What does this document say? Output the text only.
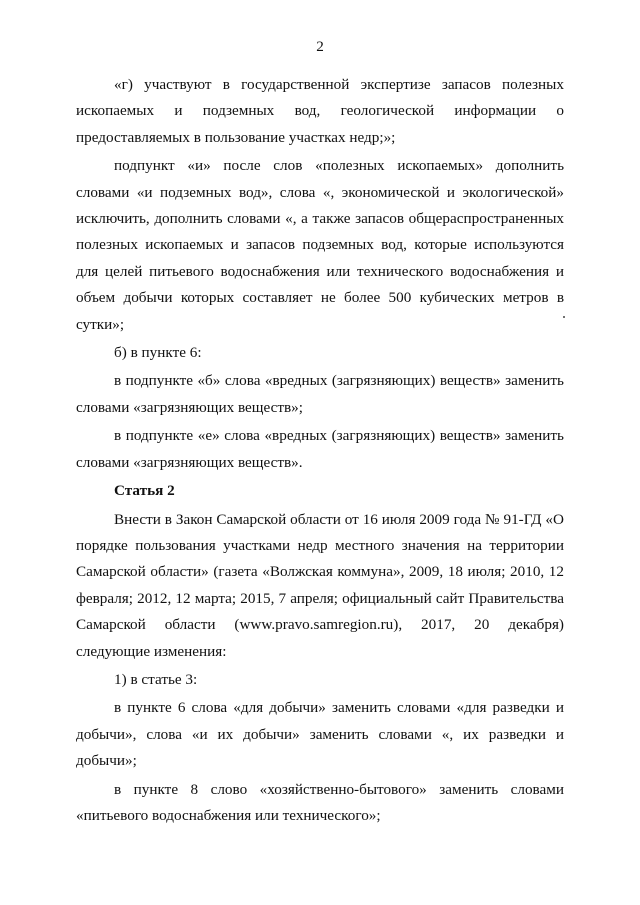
2

«г) участвуют в государственной экспертизе запасов полезных ископаемых и подземных вод, геологической информации о предоставляемых в пользование участках недр;»;

подпункт «и» после слов «полезных ископаемых» дополнить словами «и подземных вод», слова «, экономической и экологической» исключить, дополнить словами «, а также запасов общераспространенных полезных ископаемых и запасов подземных вод, которые используются для целей питьевого водоснабжения или технического водоснабжения и объем добычи которых составляет не более 500 кубических метров в сутки»;

б) в пункте 6:

в подпункте «б» слова «вредных (загрязняющих) веществ» заменить словами «загрязняющих веществ»;

в подпункте «е» слова «вредных (загрязняющих) веществ» заменить словами «загрязняющих веществ».

Статья 2

Внести в Закон Самарской области от 16 июля 2009 года № 91-ГД «О порядке пользования участками недр местного значения на территории Самарской области» (газета «Волжская коммуна», 2009, 18 июля; 2010, 12 февраля; 2012, 12 марта; 2015, 7 апреля; официальный сайт Правительства Самарской области (www.pravo.samregion.ru), 2017, 20 декабря) следующие изменения:

1) в статье 3:

в пункте 6 слова «для добычи» заменить словами «для разведки и добычи», слова «и их добычи» заменить словами «, их разведки и добычи»;

в пункте 8 слово «хозяйственно-бытового» заменить словами «питьевого водоснабжения или технического»;
